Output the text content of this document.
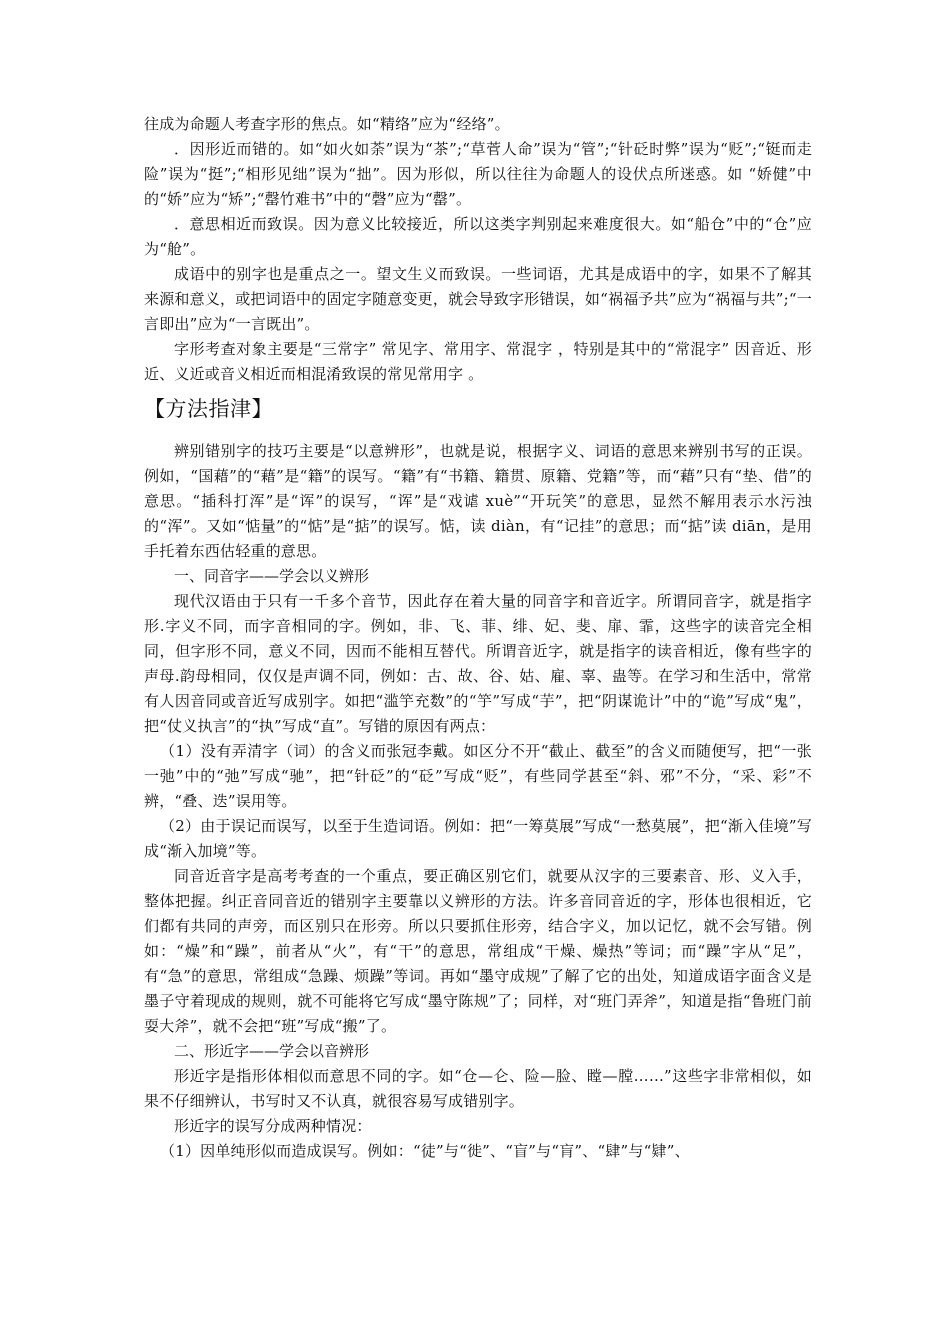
往成为命题人考查字形的焦点。如“精络”应为“经络”。

．因形近而错的。如“如火如荼”误为“茶”;“草菅人命”误为“管”;“针砭时弊”误为“贬”;“铤而走险”误为“挺”;“相形见绌”误为“拙”。因为形似，所以往往为命题人的设伏点所迷惑。如 “娇健”中的“娇”应为“矫”;“罄竹难书”中的“磬”应为“罄”。

．意思相近而致误。因为意义比较接近，所以这类字判别起来难度很大。如“船仓”中的“仓”应为“舱”。

成语中的别字也是重点之一。望文生义而致误。一些词语，尤其是成语中的字，如果不了解其来源和意义，或把词语中的固定字随意变更，就会导致字形错误，如“祸福予共”应为“祸福与共”;“一言即出”应为“一言既出”。

字形考查对象主要是“三常字” 常见字、常用字、常混字 ，特别是其中的“常混字” 因音近、形近、义近或音义相近而相混淆致误的常见常用字 。

【方法指津】

辨别错别字的技巧主要是“以意辨形”，也就是说，根据字义、词语的意思来辨别书写的正误。例如，“国藉”的“藉”是“籍”的误写。“籍”有“书籍、籍贯、原籍、党籍”等，而“藉”只有“垫、借”的意思。“插科打浑”是“诨”的误写，“诨”是“戏谑 xuè”“开玩笑”的意思，显然不解用表示水污浊的“浑”。又如“惦量”的“惦”是“掂”的误写。惦，读 diàn，有“记挂”的意思；而“掂”读 diān，是用手托着东西估轻重的意思。

一、同音字——学会以义辨形

现代汉语由于只有一千多个音节，因此存在着大量的同音字和音近字。所谓同音字，就是指字形.字义不同，而字音相同的字。例如，非、飞、菲、绯、妃、斐、扉、霏，这些字的读音完全相同，但字形不同，意义不同，因而不能相互替代。所谓音近字，就是指字的读音相近，像有些字的声母.韵母相同，仅仅是声调不同，例如：古、故、谷、姑、雇、辜、蛊等。在学习和生活中，常常有人因音同或音近写成别字。如把“滥竽充数”的“竽”写成“芋”，把“阴谋诡计”中的“诡”写成“鬼”，把“仗义执言”的“执”写成“直”。写错的原因有两点：

（1）没有弄清字（词）的含义而张冠李戴。如区分不开“截止、截至”的含义而随便写，把“一张一弛”中的“弛”写成“驰”，把“针砭”的“砭”写成“贬”，有些同学甚至“斜、邪”不分，“采、彩”不辨，“叠、迭”误用等。

（2）由于误记而误写，以至于生造词语。例如：把“一筹莫展”写成“一愁莫展”，把“渐入佳境”写成“渐入加境”等。

同音近音字是高考考查的一个重点，要正确区别它们，就要从汉字的三要素音、形、义入手，整体把握。纠正音同音近的错别字主要靠以义辨形的方法。许多音同音近的字，形体也很相近，它们都有共同的声旁，而区别只在形旁。所以只要抓住形旁，结合字义，加以记忆，就不会写错。例如：“燥”和“躁”，前者从“火”，有“干”的意思，常组成“干燥、燥热”等词；而“躁”字从“足”，有“急”的意思，常组成“急躁、烦躁”等词。再如“墨守成规”了解了它的出处，知道成语字面含义是墨子守着现成的规则，就不可能将它写成“墨守陈规”了；同样，对“班门弄斧”，知道是指“鲁班门前耍大斧”，就不会把“班”写成“搬”了。

二、形近字——学会以音辨形

形近字是指形体相似而意思不同的字。如“仓—仑、险—脸、瞠—膛……”这些字非常相似，如果不仔细辨认，书写时又不认真，就很容易写成错别字。

形近字的误写分成两种情况：

（1）因单纯形似而造成误写。例如：“徒”与“徙”、“盲”与“肓”、“肆”与“肄”、
